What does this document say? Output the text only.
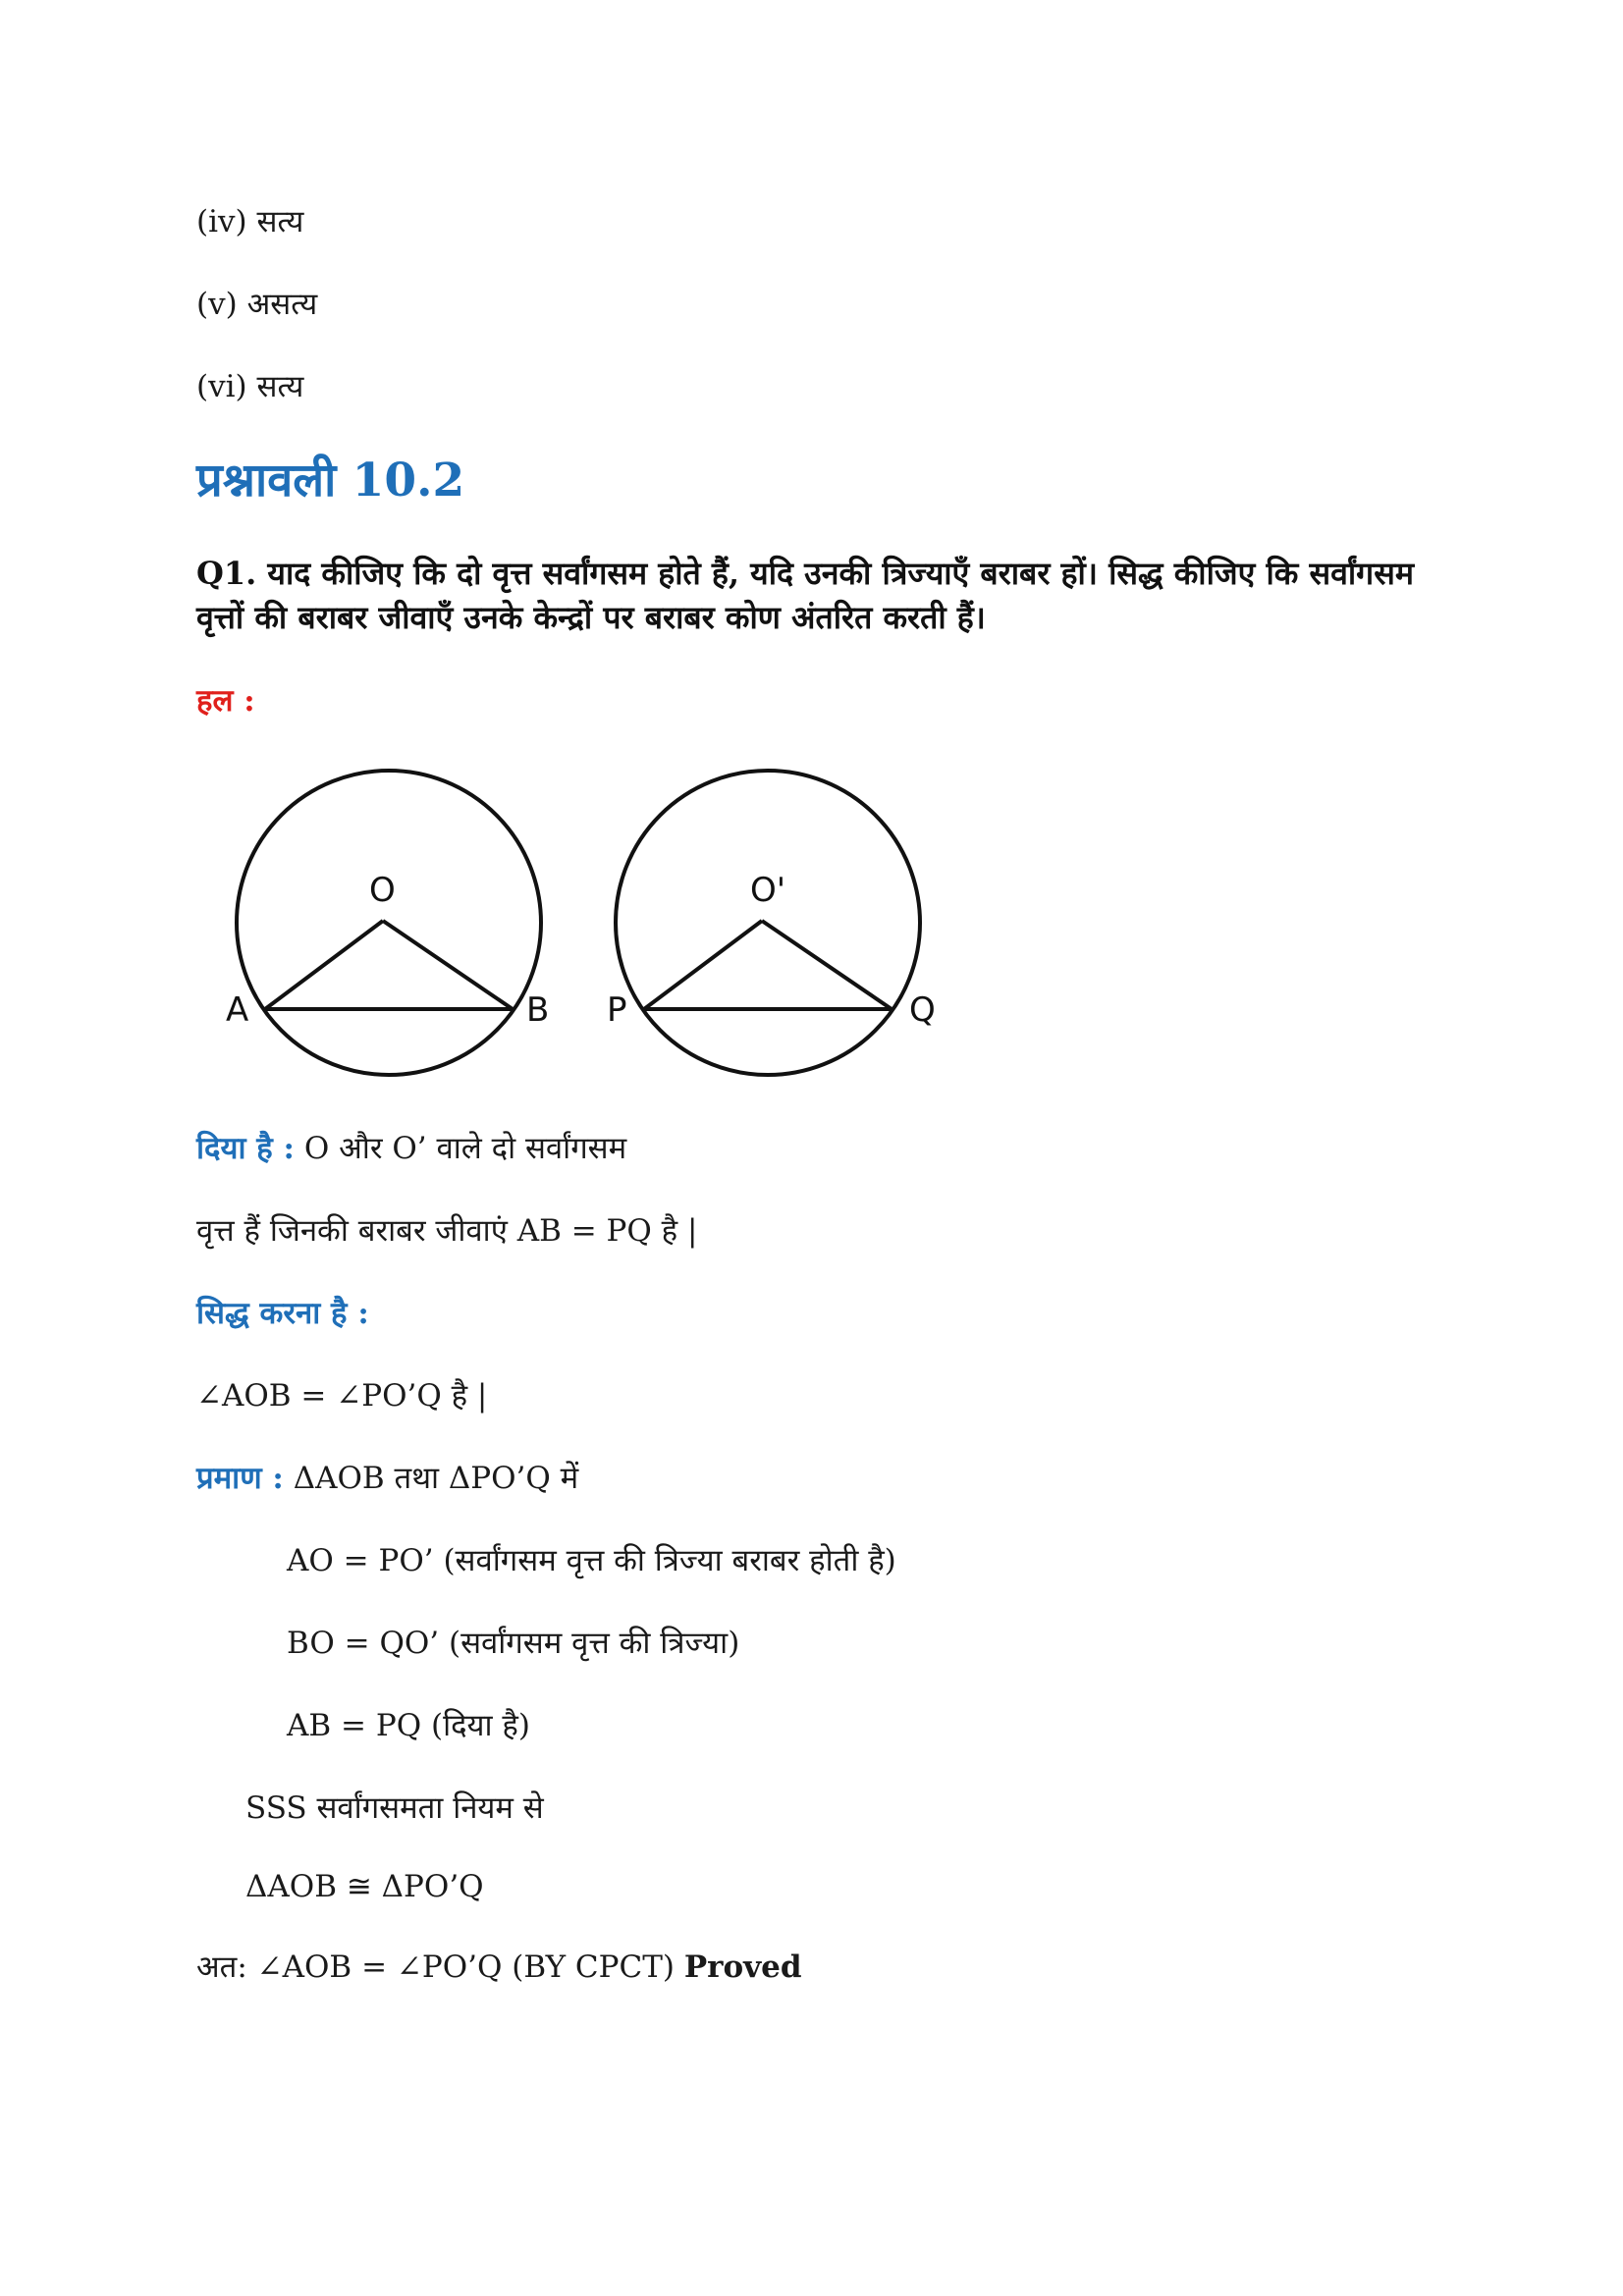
(iv) सत्य
(v) असत्य
(vi) सत्य
प्रश्नावली 10.2
Q1. याद कीजिए कि दो वृत्त सर्वांगसम होते हैं, यदि उनकी त्रिज्याएँ बराबर हों। सिद्ध कीजिए कि सर्वांगसम वृत्तों की बराबर जीवाएँ उनके केन्द्रों पर बराबर कोण अंतरित करती हैं।
हल :
O
A	B
O'
P	Q
दिया है : O और O’ वाले दो सर्वांगसम
वृत्त हैं जिनकी बराबर जीवाएं AB = PQ है |
सिद्ध करना है :
∠AOB = ∠PO’Q है |
प्रमाण : ΔAOB तथा ΔPO’Q में
AO = PO’ (सर्वांगसम वृत्त की त्रिज्या बराबर होती है)
BO = QO’ (सर्वांगसम वृत्त की त्रिज्या)
AB = PQ (दिया है)
SSS सर्वांगसमता नियम से
ΔAOB ≅ ΔPO’Q
अत: ∠AOB = ∠PO’Q (BY CPCT) Proved
